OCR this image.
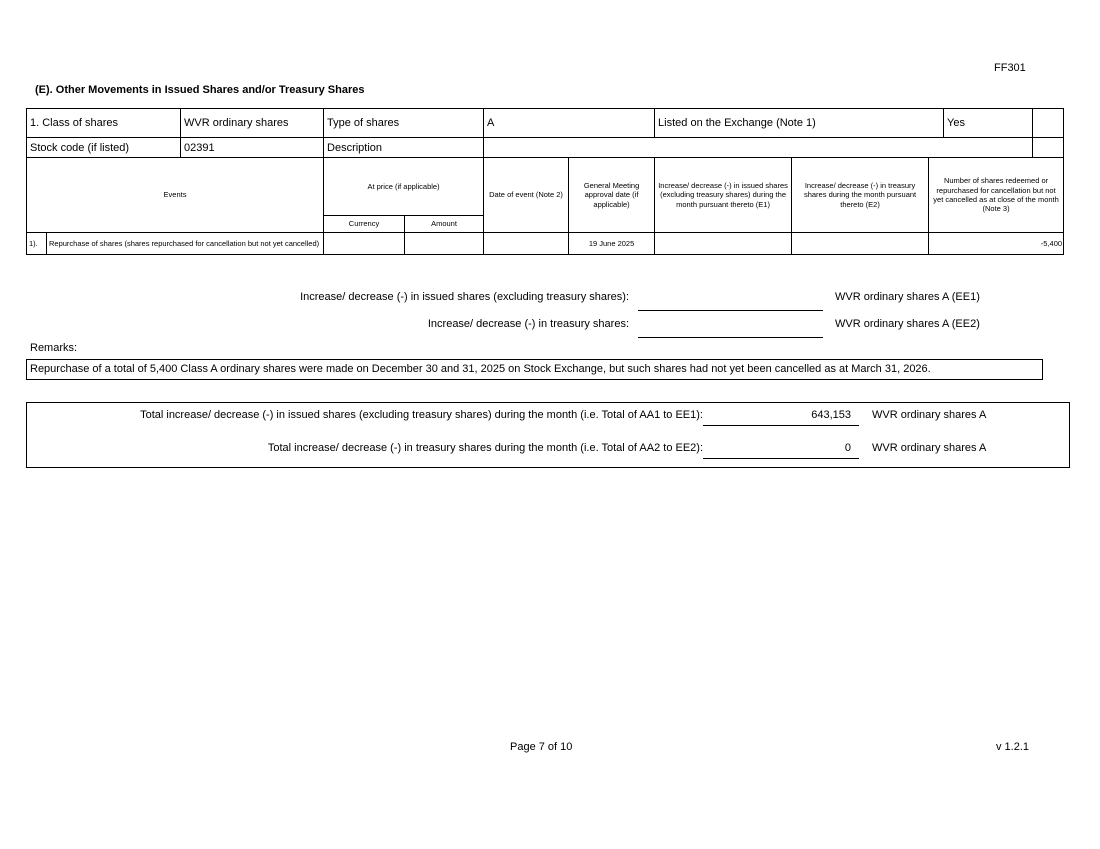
FF301
(E). Other Movements in Issued Shares and/or Treasury Shares
1. Class of shares		WVR ordinary shares	Type of shares		A		Listed on the Exchange (Note 1)			Yes	
Stock code (if listed)		02391	Description								
Events			At price (if applicable)		Date of event (Note 2)	General Meeting approval date (if applicable)	Increase/ decrease (-) in issued shares (excluding treasury shares) during the month pursuant thereto (E1)	Increase/ decrease (-) in treasury shares during the month pursuant thereto (E2)	Number of shares redeemed or repurchased for cancellation but not yet cancelled as at close of the month (Note 3)		
			Currency	Amount							
1).	Repurchase of shares (shares repurchased for cancellation but not yet cancelled)					19 June 2025			-5,400		
Increase/ decrease (-) in issued shares (excluding treasury shares):	WVR ordinary shares A (EE1)
Increase/ decrease (-) in treasury shares:	WVR ordinary shares A (EE2)
Remarks:
Repurchase of a total of 5,400 Class A ordinary shares were made on December 30 and 31, 2025 on Stock Exchange, but such shares had not yet been cancelled as at March 31, 2026.
Total increase/ decrease (-) in issued shares (excluding treasury shares) during the month (i.e. Total of AA1 to EE1):	643,153	WVR ordinary shares A
Total increase/ decrease (-) in treasury shares during the month (i.e. Total of AA2 to EE2):	0	WVR ordinary shares A
Page 7 of 10	v 1.2.1
